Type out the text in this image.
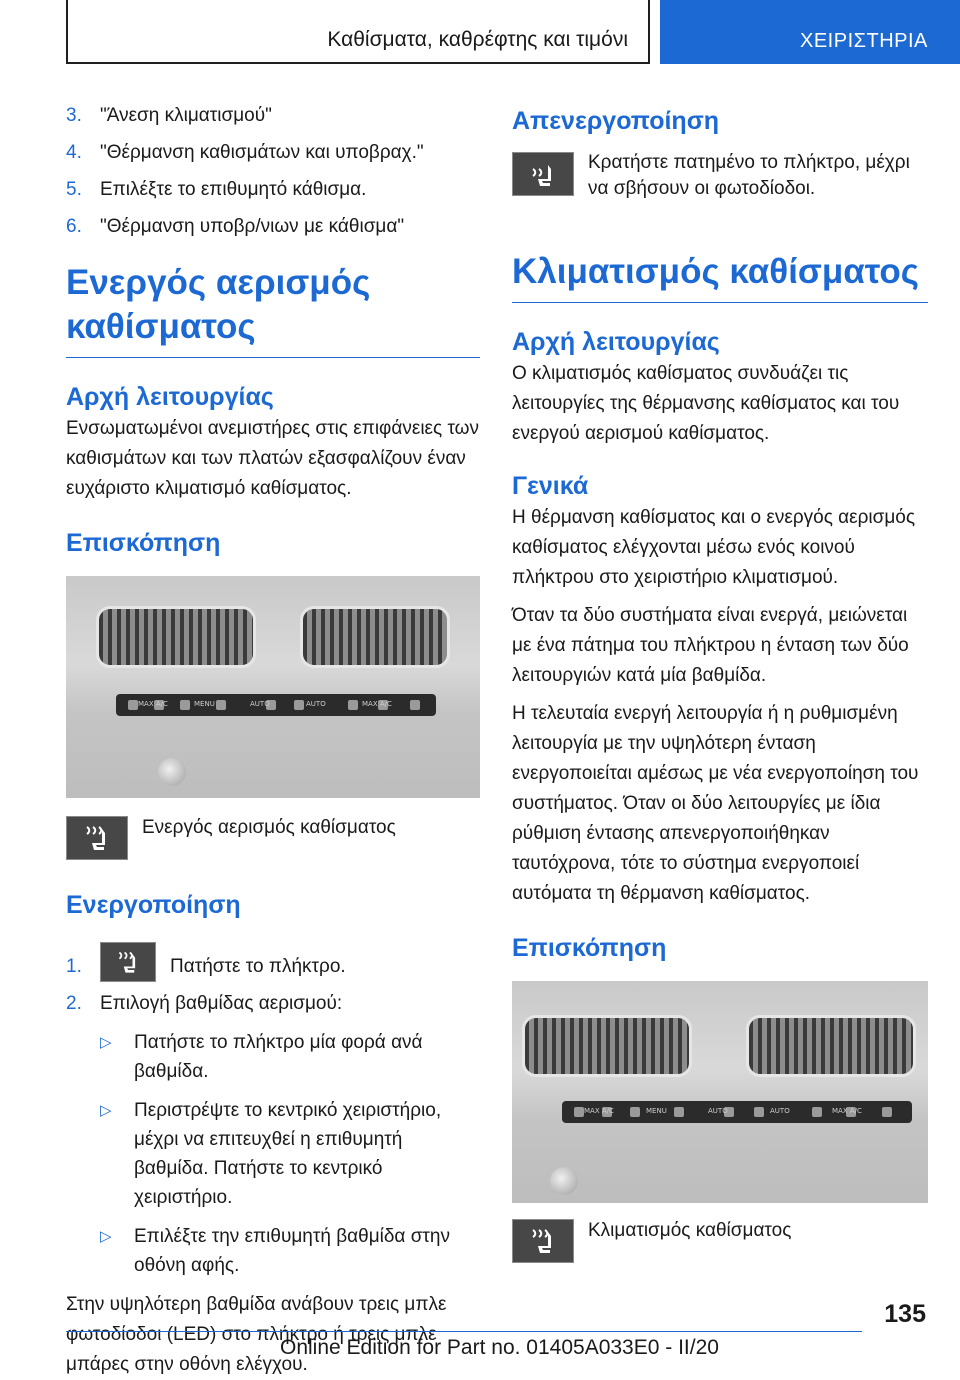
Καθίσματα, καθρέφτης και τιμόνι	ΧΕΙΡΙΣΤΗΡΙΑ
3. "Άνεση κλιματισμού"
4. "Θέρμανση καθισμάτων και υποβραχ."
5. Επιλέξτε το επιθυμητό κάθισμα.
6. "Θέρμανση υποβρ/νιων με κάθισμα"
Ενεργός αερισμός καθίσματος
Αρχή λειτουργίας
Ενσωματωμένοι ανεμιστήρες στις επιφάνειες των καθισμάτων και των πλατών εξασφαλίζουν έναν ευχάριστο κλιματισμό καθίσματος.
Επισκόπηση
MAX A/C	MENU	AUTO	AUTO	MAX A/C
Ενεργός αερισμός καθίσματος
Ενεργοποίηση
1.	Πατήστε το πλήκτρο.
2. Επιλογή βαθμίδας αερισμού:
▷ Πατήστε το πλήκτρο μία φορά ανά βαθμίδα.
▷ Περιστρέψτε το κεντρικό χειριστήριο, μέχρι να επιτευχθεί η επιθυμητή βαθμίδα. Πατήστε το κεντρικό χειριστήριο.
▷ Επιλέξτε την επιθυμητή βαθμίδα στην οθόνη αφής.
Στην υψηλότερη βαθμίδα ανάβουν τρεις μπλε φωτοδίοδοι (LED) στο πλήκτρο ή τρεις μπλε μπάρες στην οθόνη ελέγχου.
Απενεργοποίηση
Κρατήστε πατημένο το πλήκτρο, μέχρι να σβήσουν οι φωτοδίοδοι.
Κλιματισμός καθίσματος
Αρχή λειτουργίας
Ο κλιματισμός καθίσματος συνδυάζει τις λειτουργίες της θέρμανσης καθίσματος και του ενεργού αερισμού καθίσματος.
Γενικά
Η θέρμανση καθίσματος και ο ενεργός αερισμός καθίσματος ελέγχονται μέσω ενός κοινού πλήκτρου στο χειριστήριο κλιματισμού.
Όταν τα δύο συστήματα είναι ενεργά, μειώνεται με ένα πάτημα του πλήκτρου η ένταση των δύο λειτουργιών κατά μία βαθμίδα.
Η τελευταία ενεργή λειτουργία ή η ρυθμισμένη λειτουργία με την υψηλότερη ένταση ενεργοποιείται αμέσως με νέα ενεργοποίηση του συστήματος. Όταν οι δύο λειτουργίες με ίδια ρύθμιση έντασης απενεργοποιήθηκαν ταυτόχρονα, τότε το σύστημα ενεργοποιεί αυτόματα τη θέρμανση καθίσματος.
Επισκόπηση
MAX A/C	MENU	AUTO	AUTO	MAX A/C
Κλιματισμός καθίσματος
135
Online Edition for Part no. 01405A033E0 - II/20
